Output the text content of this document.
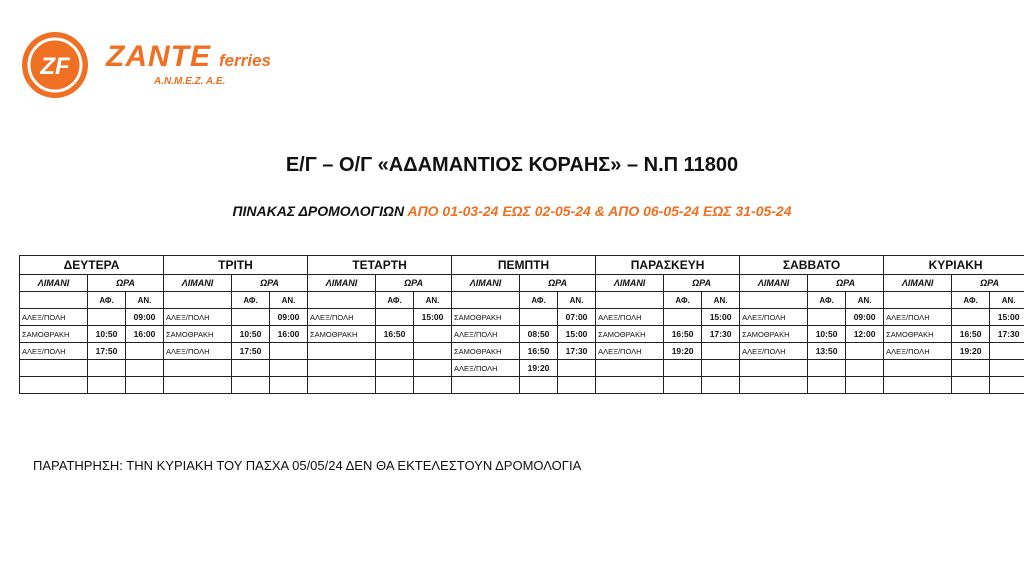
ZF ZANTE ferries
Α.Ν.Μ.Ε.Ζ. Α.Ε.
Ε/Γ – Ο/Γ «ΑΔΑΜΑΝΤΙΟΣ ΚΟΡΑΗΣ» – Ν.Π 11800
ΠΙΝΑΚΑΣ ΔΡΟΜΟΛΟΓΙΩΝ ΑΠΟ 01-03-24 ΕΩΣ 02-05-24 & ΑΠΟ 06-05-24 ΕΩΣ 31-05-24
ΔΕΥΤΕΡΑ			ΤΡΙΤΗ			ΤΕΤΑΡΤΗ			ΠΕΜΠΤΗ			ΠΑΡΑΣΚΕΥΗ			ΣΑΒΒΑΤΟ			ΚΥΡΙΑΚΗ		
ΛΙΜΑΝΙ	ΩΡΑ		ΛΙΜΑΝΙ	ΩΡΑ		ΛΙΜΑΝΙ	ΩΡΑ		ΛΙΜΑΝΙ	ΩΡΑ		ΛΙΜΑΝΙ	ΩΡΑ		ΛΙΜΑΝΙ	ΩΡΑ		ΛΙΜΑΝΙ	ΩΡΑ	
	ΑΦ.	ΑΝ.		ΑΦ.	ΑΝ.		ΑΦ.	ΑΝ.		ΑΦ.	ΑΝ.		ΑΦ.	ΑΝ.		ΑΦ.	ΑΝ.		ΑΦ.	ΑΝ.
ΑΛΕΞ/ΠΟΛΗ		09:00	ΑΛΕΞ/ΠΟΛΗ		09:00	ΑΛΕΞ/ΠΟΛΗ		15:00	ΣΑΜΟΘΡΑΚΗ		07:00	ΑΛΕΞ/ΠΟΛΗ		15:00	ΑΛΕΞ/ΠΟΛΗ		09:00	ΑΛΕΞ/ΠΟΛΗ		15:00
ΣΑΜΟΘΡΑΚΗ	10:50	16:00	ΣΑΜΟΘΡΑΚΗ	10:50	16:00	ΣΑΜΟΘΡΑΚΗ	16:50		ΑΛΕΞ/ΠΟΛΗ	08:50	15:00	ΣΑΜΟΘΡΑΚΗ	16:50	17:30	ΣΑΜΟΘΡΑΚΗ	10:50	12:00	ΣΑΜΟΘΡΑΚΗ	16:50	17:30
ΑΛΕΞ/ΠΟΛΗ	17:50		ΑΛΕΞ/ΠΟΛΗ	17:50					ΣΑΜΟΘΡΑΚΗ	16:50	17:30	ΑΛΕΞ/ΠΟΛΗ	19:20		ΑΛΕΞ/ΠΟΛΗ	13:50		ΑΛΕΞ/ΠΟΛΗ	19:20	
									ΑΛΕΞ/ΠΟΛΗ	19:20										

ΠΑΡΑΤΗΡΗΣΗ: ΤΗΝ ΚΥΡΙΑΚΗ ΤΟΥ ΠΑΣΧΑ 05/05/24 ΔΕΝ ΘΑ ΕΚΤΕΛΕΣΤΟΥΝ ΔΡΟΜΟΛΟΓΙΑ
